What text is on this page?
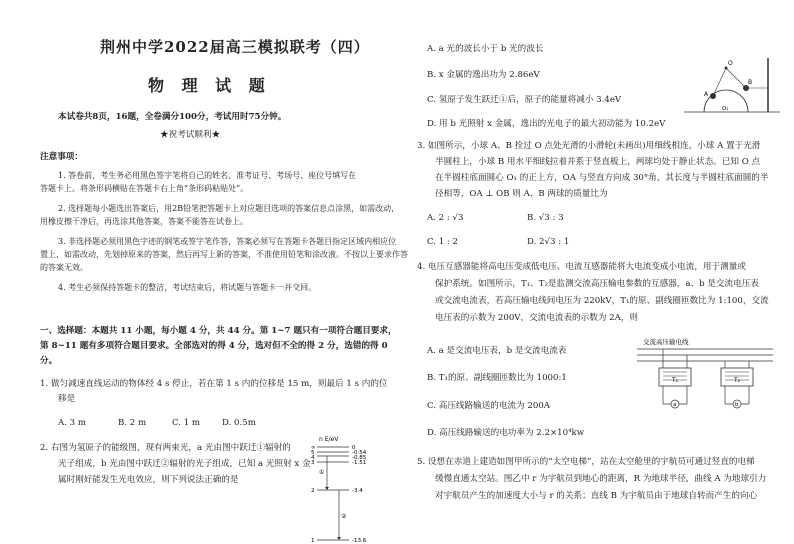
荆州中学2022届高三模拟联考（四）
物 理 试 题
本试卷共8页，16题，全卷满分100分，考试用时75分钟。
★祝考试顺利★
注意事项：
1. 答卷前，考生务必用黑色签字笔将自己的姓名、准考证号、考场号、座位号填写在
答题卡上。将条形码横贴在答题卡右上角“条形码粘贴处”。
2. 选择题每小题选出答案后，用2B铅笔把答题卡上对应题目选项的答案信息点涂黑，如需改动，
用橡皮擦干净后，再选涂其他答案，答案不能答在试卷上。
3. 非选择题必须用黑色字迹的钢笔或签字笔作答，答案必须写在答题卡各题目指定区域内相应位
置上，如需改动，先划掉原来的答案，然后再写上新的答案，不准使用铅笔和涂改液。不按以上要求作答
的答案无效。
4. 考生必须保持答题卡的整洁，考试结束后，将试题与答题卡一并交回。
一、选择题：本题共 11 小题，每小题 4 分，共 44 分。第 1~7 题只有一项符合题目要求，
第 8~11 题有多项符合题目要求。全部选对的得 4 分，选对但不全的得 2 分，选错的得 0
分。
1. 做匀减速直线运动的物体经 4 s 停止，若在第 1 s 内的位移是 15 m，则最后 1 s 内的位
移是
A. 3 m	B. 2 m	C. 1 m	D. 0.5m
2. 右图为氢原子的能级图，现有两束光，a 光由图中跃迁①辐射的
光子组成，b 光由图中跃迁②辐射的光子组成，已知 a 光照射 x 金
属时刚好能发生光电效应，则下列说法正确的是
n E/eV
∞	0
5	-0.54
4	-0.85
3	-1.51
2	-3.4
1	-13.6
①
②
A. a 光的波长小于 b 光的波长
B. x 金属的逸出功为 2.86eV
C. 氢原子发生跃迁①后，原子的能量将减小 3.4eV
D. 用 b 光照射 x 金属，逸出的光电子的最大初动能为 10.2eV
O
A
B
O₁
3. 如图所示，小球 A、B 拴过 O 点处光滑的小滑轮(未画出)用细线相连，小球 A 置于光滑
半圆柱上，小球 B 用水平细线拉着并系于竖直板上，两球均处于静止状态。已知 O 点
在半圆柱底面圆心 O₁ 的正上方，OA 与竖直方向成 30°角，其长度与半圆柱底面圆的半
径相等，OA ⊥ OB 则 A、B 两球的质量比为
A. 2 : √3	B. √3 : 3
C. 1 : 2	D. 2√3 : 1
4. 电压互感器能将高电压变成低电压、电流互感器能将大电流变成小电流，用于测量或
保护系统。如图所示，T₁、T₂是监测交流高压输电参数的互感器，a、b 是交流电压表
或交流电流表，若高压输电线间电压为 220kV，T₁的原、副线圈匝数比为 1:100，交流
电压表的示数为 200V，交流电流表的示数为 2A，则
A. a 是交流电压表，b 是交流电流表
B. T₁的原、副线圈匝数比为 1000:1
C. 高压线路输送的电流为 200A
D. 高压线路输送的电功率为 2.2×10⁴kw
交流高压输电线
T₁
a
T₂
b
5. 设想在赤道上建造如图甲所示的“太空电梯”，站在太空舱里的宇航员可通过竖直的电梯
缓慢直通太空站。图乙中 r 为宇航员到地心的距离，R 为地球半径，曲线 A 为地球引力
对宇航员产生的加速度大小与 r 的关系；直线 B 为宇航员由于地球自转而产生的向心
